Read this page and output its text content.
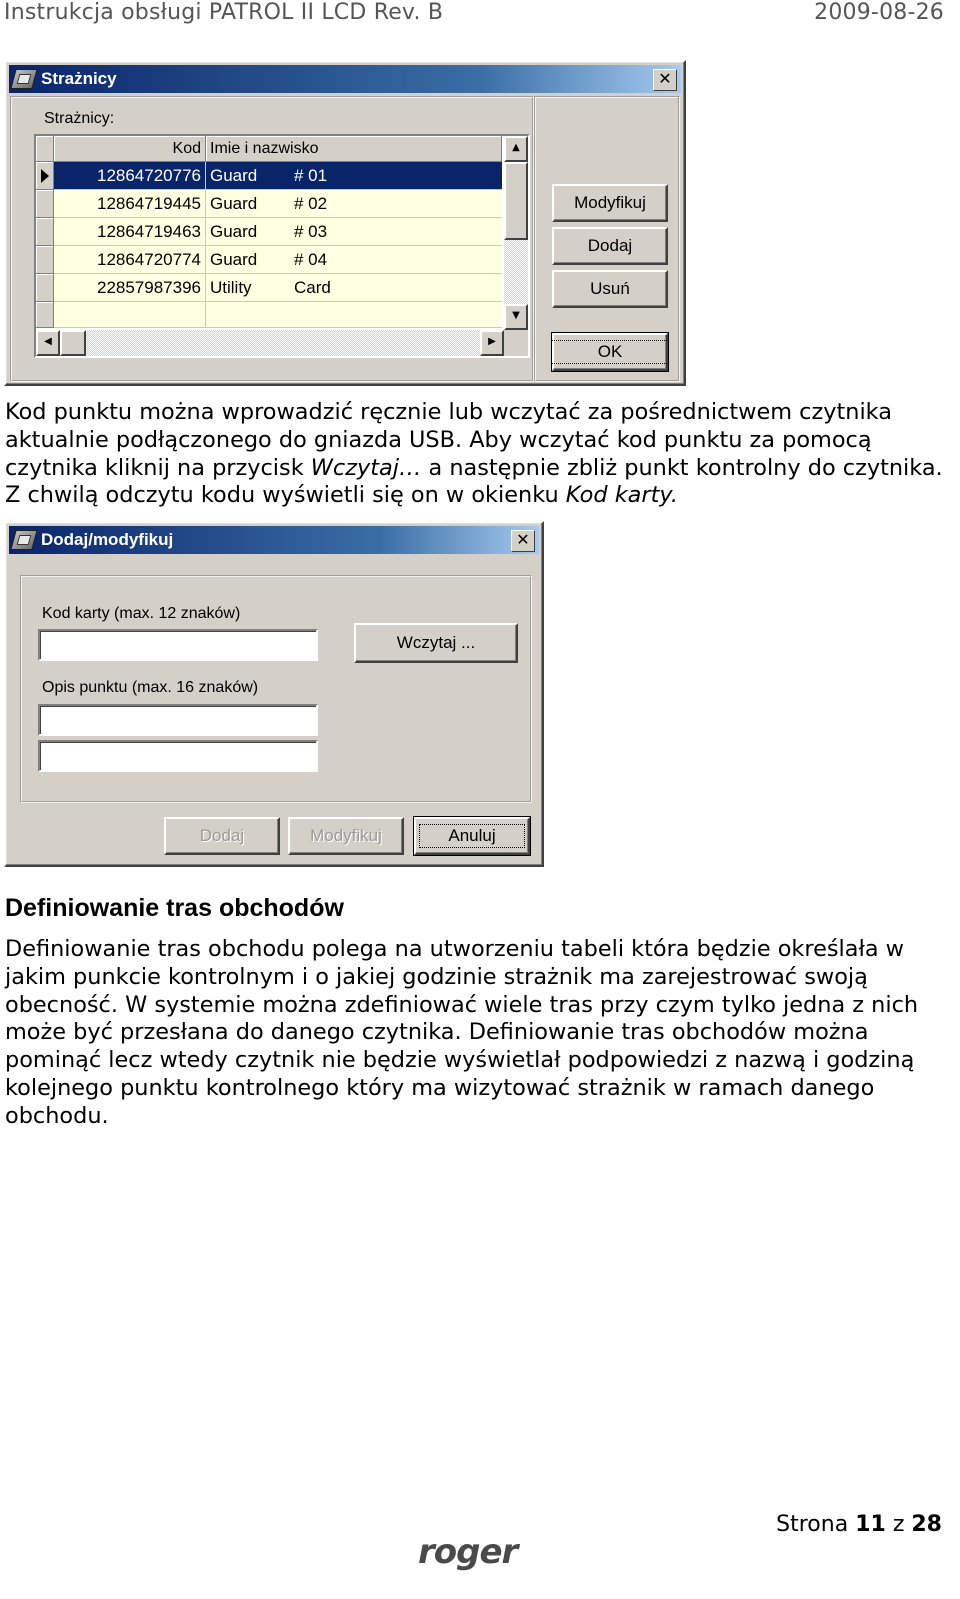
Instrukcja obsługi PATROL II LCD Rev. B	2009-08-26
Strażnicy	✕
Strażnicy:
Kod Imie i nazwisko
12864720776 Guard	# 01
12864719445 Guard	# 02
12864719463 Guard	# 03
12864720774 Guard	# 04
22857987396 Utility	Card
▲
▼
◀	▶
Modyfikuj
Dodaj
Usuń
OK
Kod punktu można wprowadzić ręcznie lub wczytać za pośrednictwem czytnika aktualnie podłączonego do gniazda USB. Aby wczytać kod punktu za pomocą czytnika kliknij na przycisk Wczytaj… a następnie zbliż punkt kontrolny do czytnika. Z chwilą odczytu kodu wyświetli się on w okienku Kod karty.
Dodaj/modyfikuj	✕
Kod karty (max. 12 znaków)
Wczytaj ...
Opis punktu (max. 16 znaków)
Dodaj	Modyfikuj	Anuluj
Definiowanie tras obchodów
Definiowanie tras obchodu polega na utworzeniu tabeli która będzie określała w jakim punkcie kontrolnym i o jakiej godzinie strażnik ma zarejestrować swoją obecność. W systemie można zdefiniować wiele tras przy czym tylko jedna z nich może być przesłana do danego czytnika. Definiowanie tras obchodów można pominąć lecz wtedy czytnik nie będzie wyświetlał podpowiedzi z nazwą i godziną kolejnego punktu kontrolnego który ma wizytować strażnik w ramach danego obchodu.
Strona 11 z 28
roger
